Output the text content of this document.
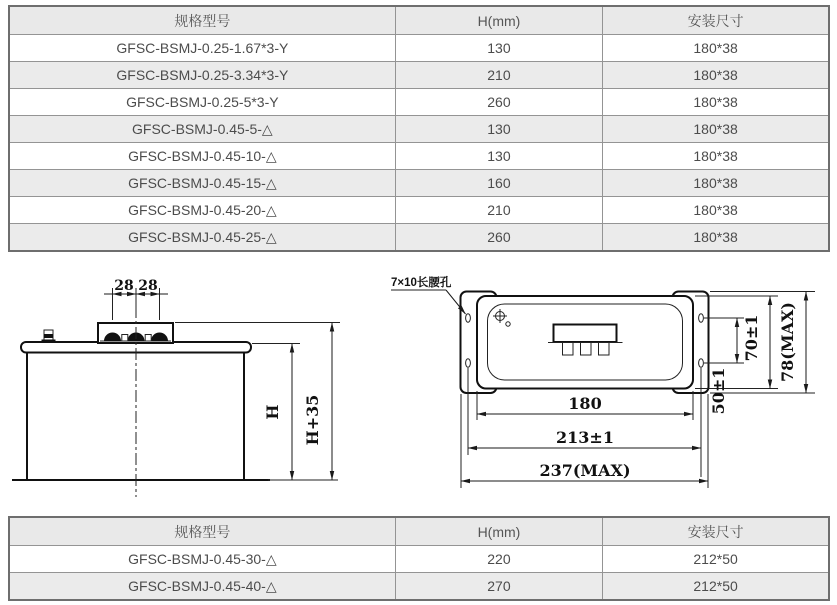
规格型号	H(mm)	安装尺寸
GFSC-BSMJ-0.25-1.67*3-Y	130	180*38
GFSC-BSMJ-0.25-3.34*3-Y	210	180*38
GFSC-BSMJ-0.25-5*3-Y	260	180*38
GFSC-BSMJ-0.45-5-△	130	180*38
GFSC-BSMJ-0.45-10-△	130	180*38
GFSC-BSMJ-0.45-15-△	160	180*38
GFSC-BSMJ-0.45-20-△	210	180*38
GFSC-BSMJ-0.45-25-△	260	180*38
规格型号	H(mm)	安装尺寸
GFSC-BSMJ-0.45-30-△	220	212*50
GFSC-BSMJ-0.45-40-△	270	212*50
28 28
H H+35
7×10长腰孔
180
213±1
237(MAX)
50±1
70±1 78(MAX)
